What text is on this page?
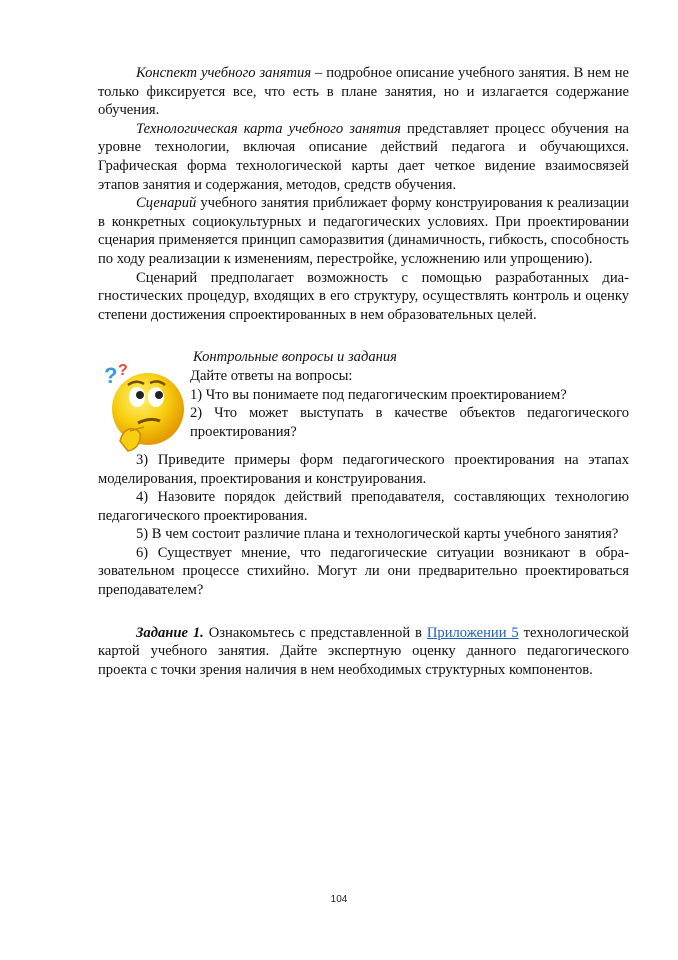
Конспект учебного занятия – подробное описание учебного занятия. В нем не только фиксируется все, что есть в плане занятия, но и излагается содержание обучения.

Технологическая карта учебного занятия представляет процесс обучения на уровне технологии, включая описание действий педагога и обучающихся. Графическая форма технологической карты дает четкое видение взаимосвязей этапов занятия и содержания, методов, средств обучения.

Сценарий учебного занятия приближает форму конструирования к реализации в конкретных социокультурных и педагогических условиях. При проектировании сценария применяется принцип саморазвития (динамичность, гибкость, способность по ходу реализации к изменениям, перестройке, усложнению или упрощению).

Сценарий предполагает возможность с помощью разработанных диагностических процедур, входящих в его структуру, осуществлять контроль и оценку степени достижения спроектированных в нем образовательных целей.

Контрольные вопросы и задания

? ?	Дайте ответы на вопросы:

1) Что вы понимаете под педагогическим проектированием?

2) Что может выступать в качестве объектов педагогического проектирования?

3) Приведите примеры форм педагогического проектирования на этапах моделирования, проектирования и конструирования.

4) Назовите порядок действий преподавателя, составляющих технологию педагогического проектирования.

5) В чем состоит различие плана и технологической карты учебного занятия?

6) Существует мнение, что педагогические ситуации возникают в образовательном процессе стихийно. Могут ли они предварительно проектироваться преподавателем?

Задание 1. Ознакомьтесь с представленной в Приложении 5 технологической картой учебного занятия. Дайте экспертную оценку данного педагогического проекта с точки зрения наличия в нем необходимых структурных компонентов.

104
